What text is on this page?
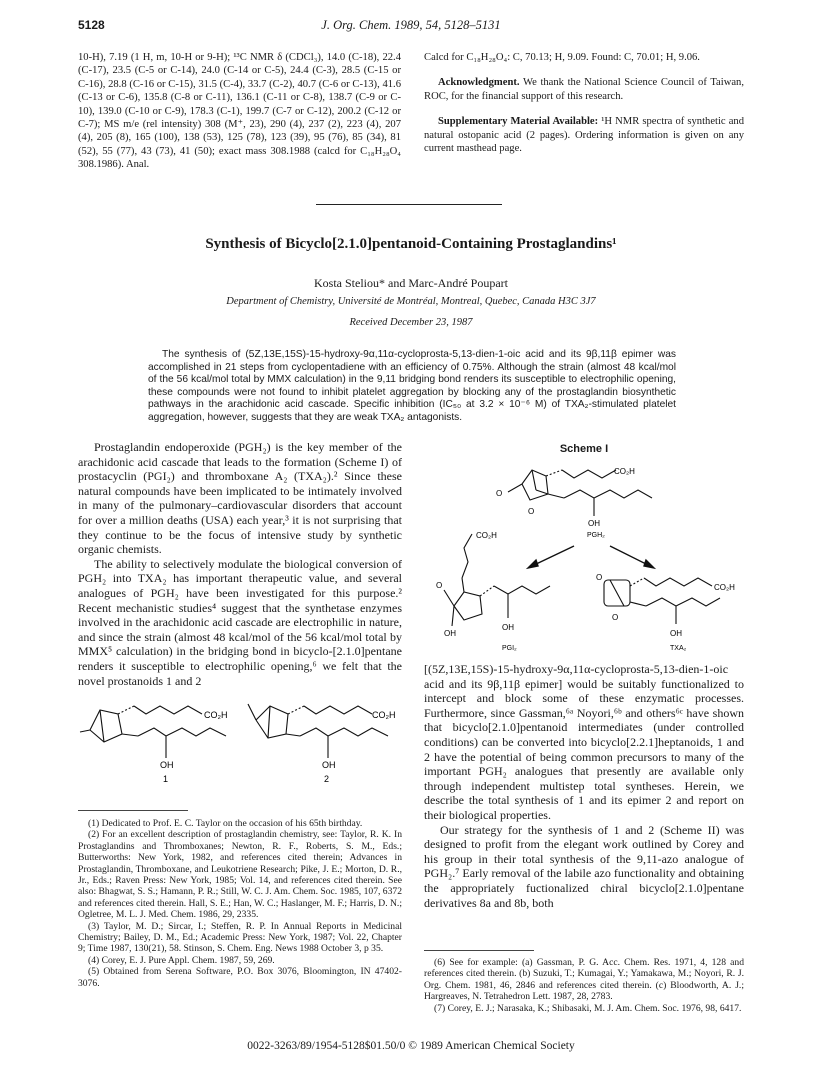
5128	J. Org. Chem. 1989, 54, 5128–5131
10-H), 7.19 (1 H, m, 10-H or 9-H); ¹³C NMR δ (CDCl₃), 14.0 (C-18), 22.4 (C-17), 23.5 (C-5 or C-14), 24.0 (C-14 or C-5), 24.4 (C-3), 28.5 (C-15 or C-16), 28.8 (C-16 or C-15), 31.5 (C-4), 33.7 (C-2), 40.7 (C-6 or C-13), 41.6 (C-13 or C-6), 135.8 (C-8 or C-11), 136.1 (C-11 or C-8), 138.7 (C-9 or C-10), 139.0 (C-10 or C-9), 178.3 (C-1), 199.7 (C-7 or C-12), 200.2 (C-12 or C-7); MS m/e (rel intensity) 308 (M⁺, 23), 290 (4), 237 (2), 223 (4), 207 (4), 205 (8), 165 (100), 138 (53), 125 (78), 123 (39), 95 (76), 85 (34), 81 (52), 55 (77), 43 (73), 41 (50); exact mass 308.1988 (calcd for C₁₈H₂₈O₄ 308.1986). Anal.

Calcd for C₁₈H₂₈O₄: C, 70.13; H, 9.09. Found: C, 70.01; H, 9.06.

Acknowledgment. We thank the National Science Council of Taiwan, ROC, for the financial support of this research.

Supplementary Material Available: ¹H NMR spectra of synthetic and natural ostopanic acid (2 pages). Ordering information is given on any current masthead page.

Synthesis of Bicyclo[2.1.0]pentanoid-Containing Prostaglandins¹
Kosta Steliou* and Marc-André Poupart
Department of Chemistry, Université de Montréal, Montreal, Quebec, Canada H3C 3J7
Received December 23, 1987
The synthesis of (5Z,13E,15S)-15-hydroxy-9α,11α-cycloprosta-5,13-dien-1-oic acid and its 9β,11β epimer was accomplished in 21 steps from cyclopentadiene with an efficiency of 0.75%. Although the strain (almost 48 kcal/mol of the 56 kcal/mol total by MMX calculation) in the 9,11 bridging bond renders its susceptible to electrophilic opening, these compounds were not found to inhibit platelet aggregation by blocking any of the prostaglandin biosynthetic pathways in the arachidonic acid cascade. Specific inhibition (IC₅₀ at 3.2 × 10⁻⁶ M) of TXA₂-stimulated platelet aggregation, however, suggests that they are weak TXA₂ antagonists.

Prostaglandin endoperoxide (PGH₂) is the key member of the arachidonic acid cascade that leads to the formation (Scheme I) of prostacyclin (PGI₂) and thromboxane A₂ (TXA₂).² Since these natural compounds have been implicated to be intimately involved in many of the pulmonary–cardiovascular disorders that account for over a million deaths (USA) each year,³ it is not surprising that they continue to be the focus of intensive study by synthetic organic chemists.

The ability to selectively modulate the biological conversion of PGH₂ into TXA₂ has important therapeutic value, and several analogues of PGH₂ have been investigated for this purpose.² Recent mechanistic studies⁴ suggest that the synthetase enzymes involved in the arachidonic acid cascade are electrophilic in nature, and since the strain (almost 48 kcal/mol of the 56 kcal/mol total by MMX⁵ calculation) in the bridging bond in bicyclo-[2.1.0]pentane renders it susceptible to electrophilic opening,⁶ we felt that the novel prostanoids 1 and 2

CO₂H
OH
1
CO₂H
OH
2
Scheme I
CO₂H
O
O
OH
PGH₂
CO₂H
O
OH
OH
PGI₂
CO₂H
O
O
OH
TXA₂

[(5Z,13E,15S)-15-hydroxy-9α,11α-cycloprosta-5,13-dien-1-oic acid and its 9β,11β epimer] would be suitably functionalized to intercept and block some of these enzymatic processes. Furthermore, since Gassman,⁶ᵃ Noyori,⁶ᵇ and others⁶ᶜ have shown that bicyclo[2.1.0]pentanoid intermediates (under controlled conditions) can be converted into bicyclo[2.2.1]heptanoids, 1 and 2 have the potential of being common precursors to many of the important PGH₂ analogues that presently are available only through independent multistep total syntheses. Herein, we describe the total synthesis of 1 and its epimer 2 and report on their biological properties.

Our strategy for the synthesis of 1 and 2 (Scheme II) was designed to profit from the elegant work outlined by Corey and his group in their total synthesis of the 9,11-azo analogue of PGH₂.⁷ Early removal of the labile azo functionality and obtaining the appropriately fuctionalized chiral bicyclo[2.1.0]pentane derivatives 8a and 8b, both

(1) Dedicated to Prof. E. C. Taylor on the occasion of his 65th birthday.

(2) For an excellent description of prostaglandin chemistry, see: Taylor, R. K. In Prostaglandins and Thromboxanes; Newton, R. F., Roberts, S. M., Eds.; Butterworths: New York, 1982, and references cited therein; Advances in Prostaglandin, Thromboxane, and Leukotriene Research; Pike, J. E.; Morton, D. R., Jr., Eds.; Raven Press: New York, 1985; Vol. 14, and references cited therein. See also: Bhagwat, S. S.; Hamann, P. R.; Still, W. C. J. Am. Chem. Soc. 1985, 107, 6372 and references cited therein. Hall, S. E.; Han, W. C.; Haslanger, M. F.; Harris, D. N.; Ogletree, M. L. J. Med. Chem. 1986, 29, 2335.

(3) Taylor, M. D.; Sircar, I.; Steffen, R. P. In Annual Reports in Medicinal Chemistry; Bailey, D. M., Ed.; Academic Press: New York, 1987; Vol. 22, Chapter 9; Time 1987, 130(21), 58. Stinson, S. Chem. Eng. News 1988 October 3, p 35.

(4) Corey, E. J. Pure Appl. Chem. 1987, 59, 269.

(5) Obtained from Serena Software, P.O. Box 3076, Bloomington, IN 47402-3076.

(6) See for example: (a) Gassman, P. G. Acc. Chem. Res. 1971, 4, 128 and references cited therein. (b) Suzuki, T.; Kumagai, Y.; Yamakawa, M.; Noyori, R. J. Org. Chem. 1981, 46, 2846 and references cited therein. (c) Bloodworth, A. J.; Hargreaves, N. Tetrahedron Lett. 1987, 28, 2783.

(7) Corey, E. J.; Narasaka, K.; Shibasaki, M. J. Am. Chem. Soc. 1976, 98, 6417.

0022-3263/89/1954-5128$01.50/0 © 1989 American Chemical Society
